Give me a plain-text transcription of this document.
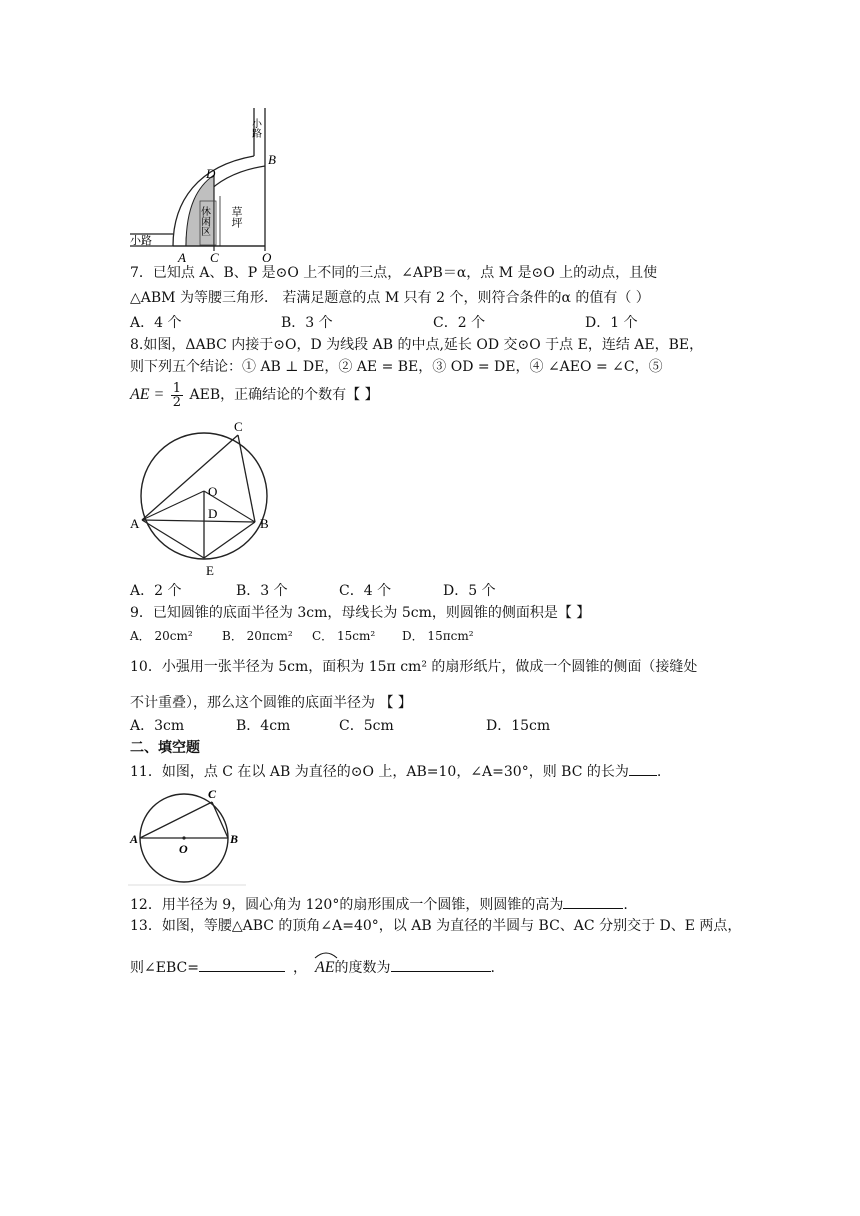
小路
小路
休闲区 草坪
B
D
A C	O
7．已知点 A、B、P 是⊙O 上不同的三点，∠APB＝α，点 M 是⊙O 上的动点，且使
△ABM 为等腰三角形． 若满足题意的点 M 只有 2 个，则符合条件的α 的值有（ ）
A．4 个	B．3 个	C．2 个	D．1 个
8.如图，ΔABC 内接于⊙O，D 为线段 AB 的中点,延长 OD 交⊙O 于点 E，连结 AE，BE，
则下列五个结论：① AB ⊥ DE，② AE = BE，③ OD = DE，④ ∠AEO = ∠C，⑤
AE = $\frac{1}{2}$ AEB，正确结论的个数有【 】
C
O
D
A	B
E
A．2 个	B．3 个	C．4 个	D．5 个
9．已知圆锥的底面半径为 3cm，母线长为 5cm，则圆锥的侧面积是【 】
A． 20cm² B． 20πcm² C． 15cm² D． 15πcm²
10．小强用一张半径为 5cm，面积为 15π cm² 的扇形纸片，做成一个圆锥的侧面（接缝处
不计重叠），那么这个圆锥的底面半径为 【 】
A．3cm	B．4cm	C．5cm	D．15cm
二、填空题
11．如图，点 C 在以 AB 为直径的⊙O 上，AB=10，∠A=30°，则 BC 的长为 .
A	B
C
O
12．用半径为 9，圆心角为 120°的扇形围成一个圆锥，则圆锥的高为	.
13．如图，等腰△ABC 的顶角∠A=40°，以 AB 为直径的半圆与 BC、AC 分别交于 D、E 两点，
则∠EBC=	， AE的度数为	.
